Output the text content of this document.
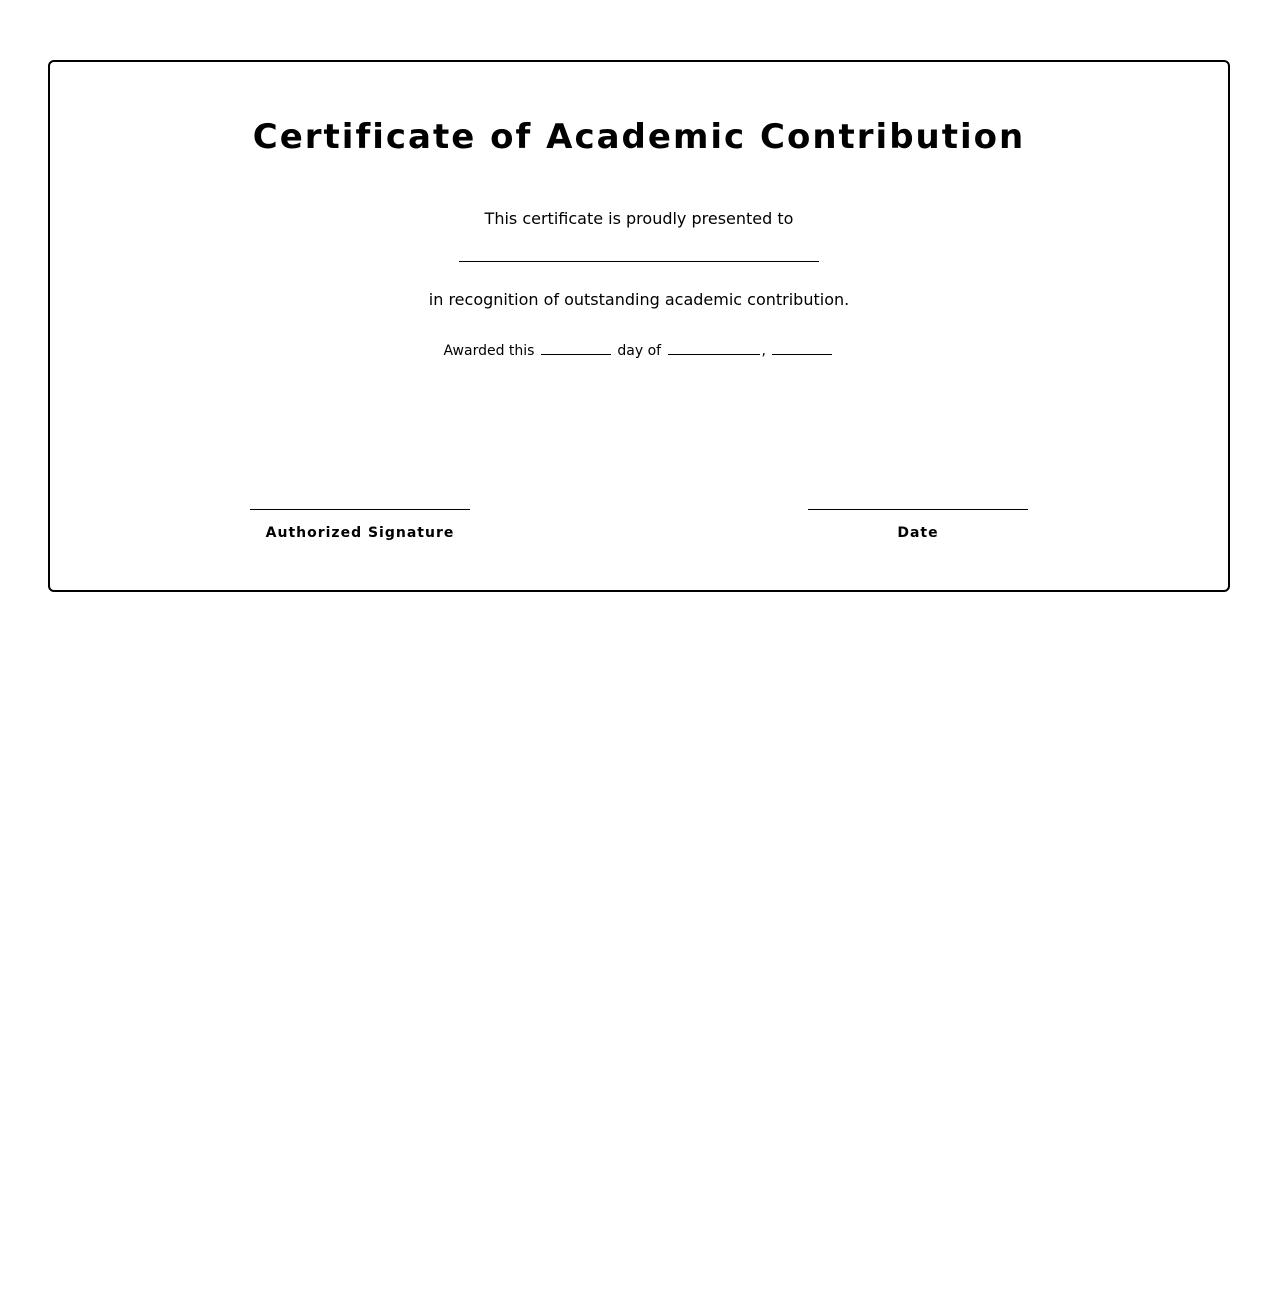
Certificate of Academic Contribution
This certificate is proudly presented to
in recognition of outstanding academic contribution.
Awarded this	day of	,
Authorized Signature	Date
